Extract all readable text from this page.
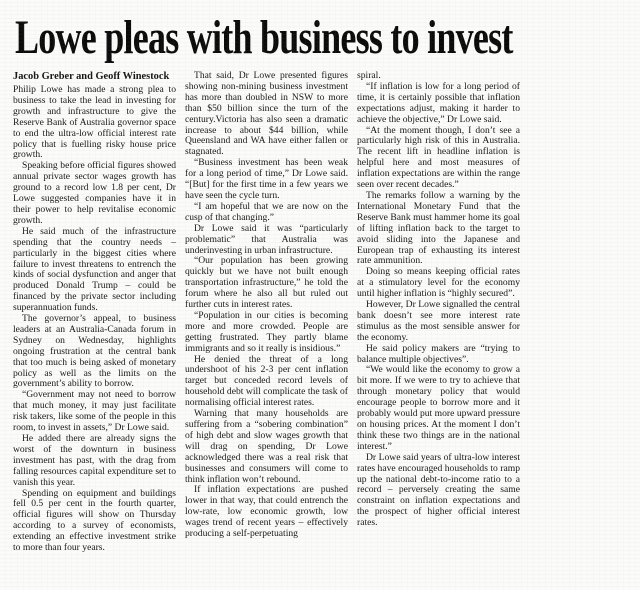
Lowe pleas with business to invest
Jacob Greber and Geoff Winestock

Philip Lowe has made a strong plea to business to take the lead in investing for growth and infrastructure to give the Reserve Bank of Australia governor space to end the ultra-low official interest rate policy that is fuelling risky house price growth.

Speaking before official figures showed annual private sector wages growth has ground to a record low 1.8 per cent, Dr Lowe suggested companies have it in their power to help revitalise economic growth.

He said much of the infrastructure spending that the country needs – particularly in the biggest cities where failure to invest threatens to entrench the kinds of social dysfunction and anger that produced Donald Trump – could be financed by the private sector including superannuation funds.

The governor’s appeal, to business leaders at an Australia-Canada forum in Sydney on Wednesday, highlights ongoing frustration at the central bank that too much is being asked of monetary policy as well as the limits on the government’s ability to borrow.

“Government may not need to borrow that much money, it may just facilitate risk takers, like some of the people in this room, to invest in assets,” Dr Lowe said.

He added there are already signs the worst of the downturn in business investment has past, with the drag from falling resources capital expenditure set to vanish this year.

Spending on equipment and buildings fell 0.5 per cent in the fourth quarter, official figures will show on Thursday according to a survey of economists, extending an effective investment strike to more than four years.

That said, Dr Lowe presented figures showing non-mining business investment has more than doubled in NSW to more than $50 billion since the turn of the century.Victoria has also seen a dramatic increase to about $44 billion, while Queensland and WA have either fallen or stagnated.

“Business investment has been weak for a long period of time,” Dr Lowe said. “[But] for the first time in a few years we have seen the cycle turn.

“I am hopeful that we are now on the cusp of that changing.”

Dr Lowe said it was “particularly problematic” that Australia was underinvesting in urban infrastructure.

“Our population has been growing quickly but we have not built enough transportation infrastructure,” he told the forum where he also all but ruled out further cuts in interest rates.

“Population in our cities is becoming more and more crowded. People are getting frustrated. They partly blame immigrants and so it really is insidious.”

He denied the threat of a long undershoot of his 2-3 per cent inflation target but conceded record levels of household debt will complicate the task of normalising official interest rates.

Warning that many households are suffering from a “sobering combination” of high debt and slow wages growth that will drag on spending, Dr Lowe acknowledged there was a real risk that businesses and consumers will come to think inflation won’t rebound.

If inflation expectations are pushed lower in that way, that could entrench the low-rate, low economic growth, low wages trend of recent years – effectively producing a self-perpetuating

spiral.

“If inflation is low for a long period of time, it is certainly possible that inflation expectations adjust, making it harder to achieve the objective,” Dr Lowe said.

“At the moment though, I don’t see a particularly high risk of this in Australia. The recent lift in headline inflation is helpful here and most measures of inflation expectations are within the range seen over recent decades.”

The remarks follow a warning by the International Monetary Fund that the Reserve Bank must hammer home its goal of lifting inflation back to the target to avoid sliding into the Japanese and European trap of exhausting its interest rate ammunition.

Doing so means keeping official rates at a stimulatory level for the economy until higher inflation is “highly secured”.

However, Dr Lowe signalled the central bank doesn’t see more interest rate stimulus as the most sensible answer for the economy.

He said policy makers are “trying to balance multiple objectives”.

“We would like the economy to grow a bit more. If we were to try to achieve that through monetary policy that would encourage people to borrow more and it probably would put more upward pressure on housing prices. At the moment I don’t think these two things are in the national interest.”

Dr Lowe said years of ultra-low interest rates have encouraged households to ramp up the national debt-to-income ratio to a record – perversely creating the same constraint on inflation expectations and the prospect of higher official interest rates.
